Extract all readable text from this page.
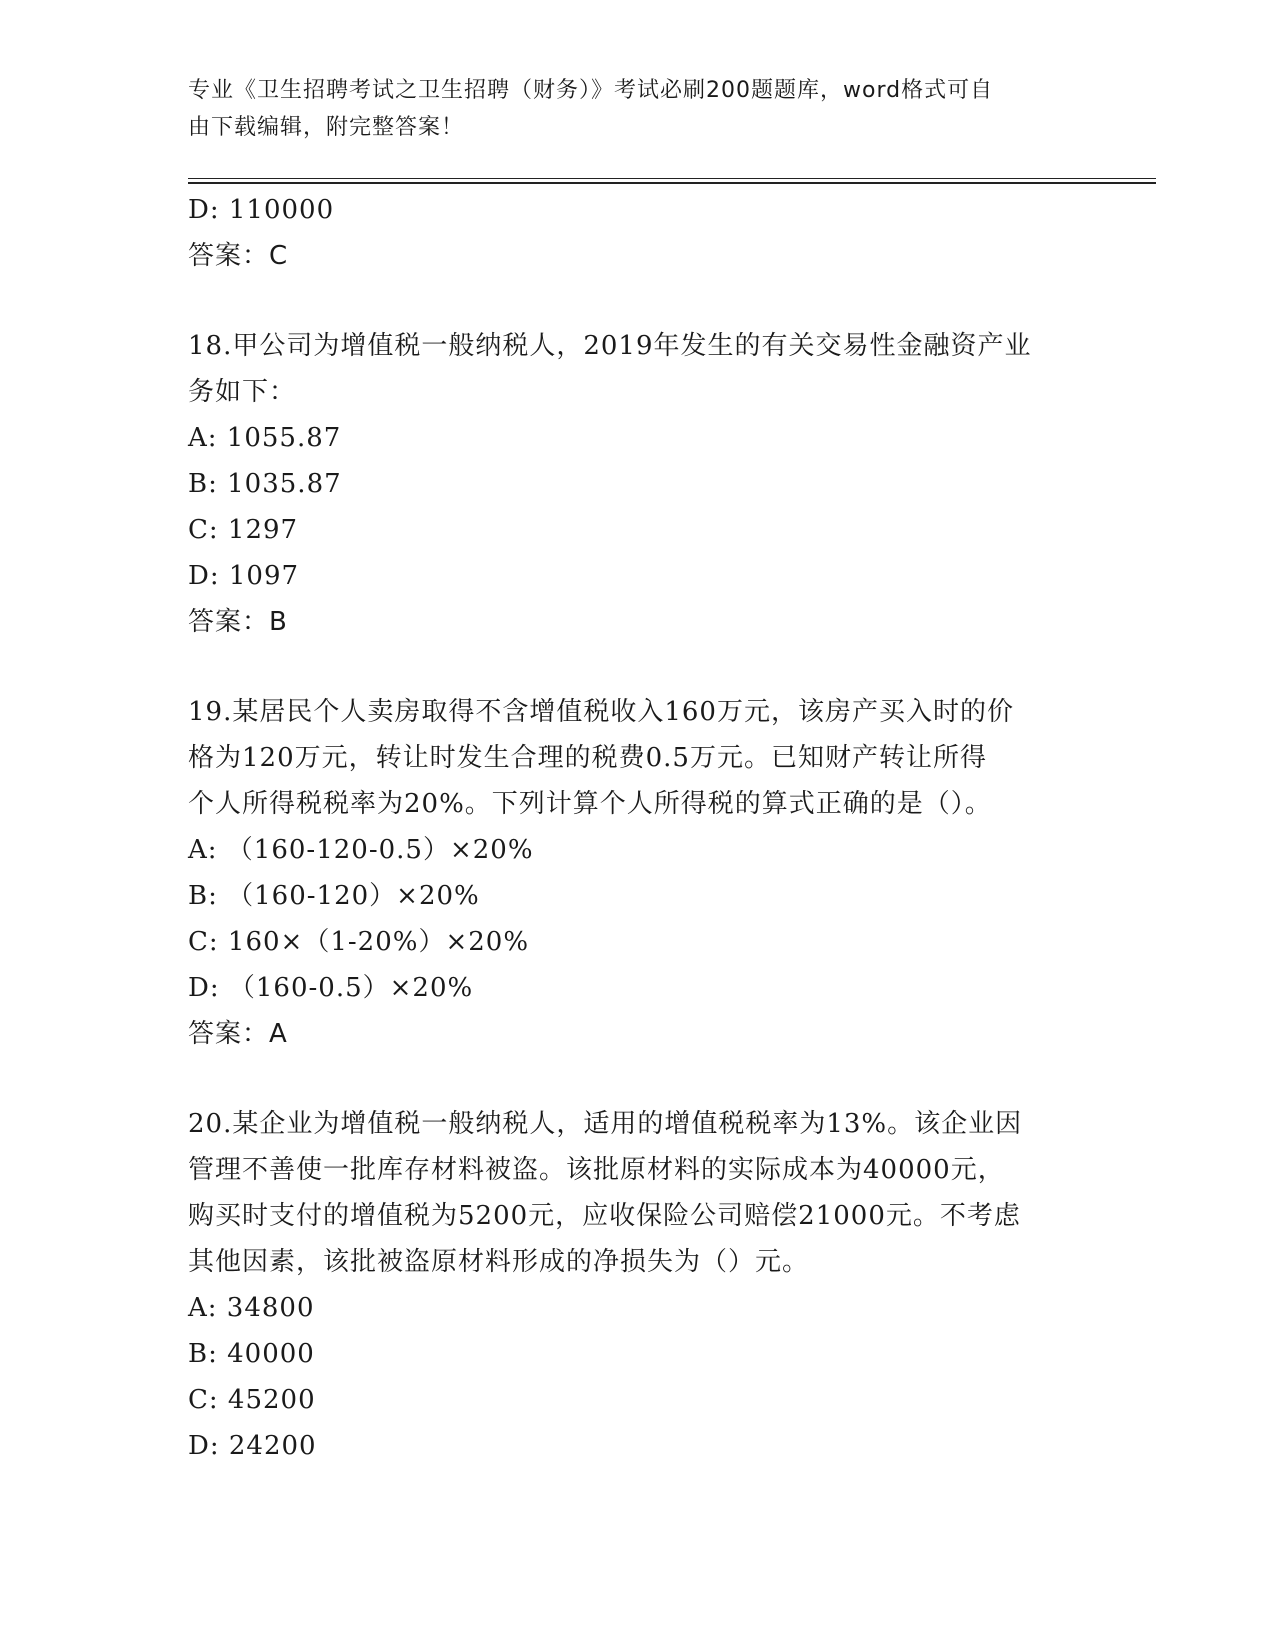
专业《卫生招聘考试之卫生招聘（财务）》考试必刷200题题库，word格式可自
由下载编辑，附完整答案！
D: 110000
答案：C
18.甲公司为增值税一般纳税人，2019年发生的有关交易性金融资产业
务如下：
A: 1055.87
B: 1035.87
C: 1297
D: 1097
答案：B
19.某居民个人卖房取得不含增值税收入160万元，该房产买入时的价
格为120万元，转让时发生合理的税费0.5万元。已知财产转让所得
个人所得税税率为20%。下列计算个人所得税的算式正确的是（）。
A: （160-120-0.5）×20%
B: （160-120）×20%
C: 160×（1-20%）×20%
D: （160-0.5）×20%
答案：A
20.某企业为增值税一般纳税人，适用的增值税税率为13%。该企业因
管理不善使一批库存材料被盗。该批原材料的实际成本为40000元，
购买时支付的增值税为5200元，应收保险公司赔偿21000元。不考虑
其他因素，该批被盗原材料形成的净损失为（）元。
A: 34800
B: 40000
C: 45200
D: 24200
